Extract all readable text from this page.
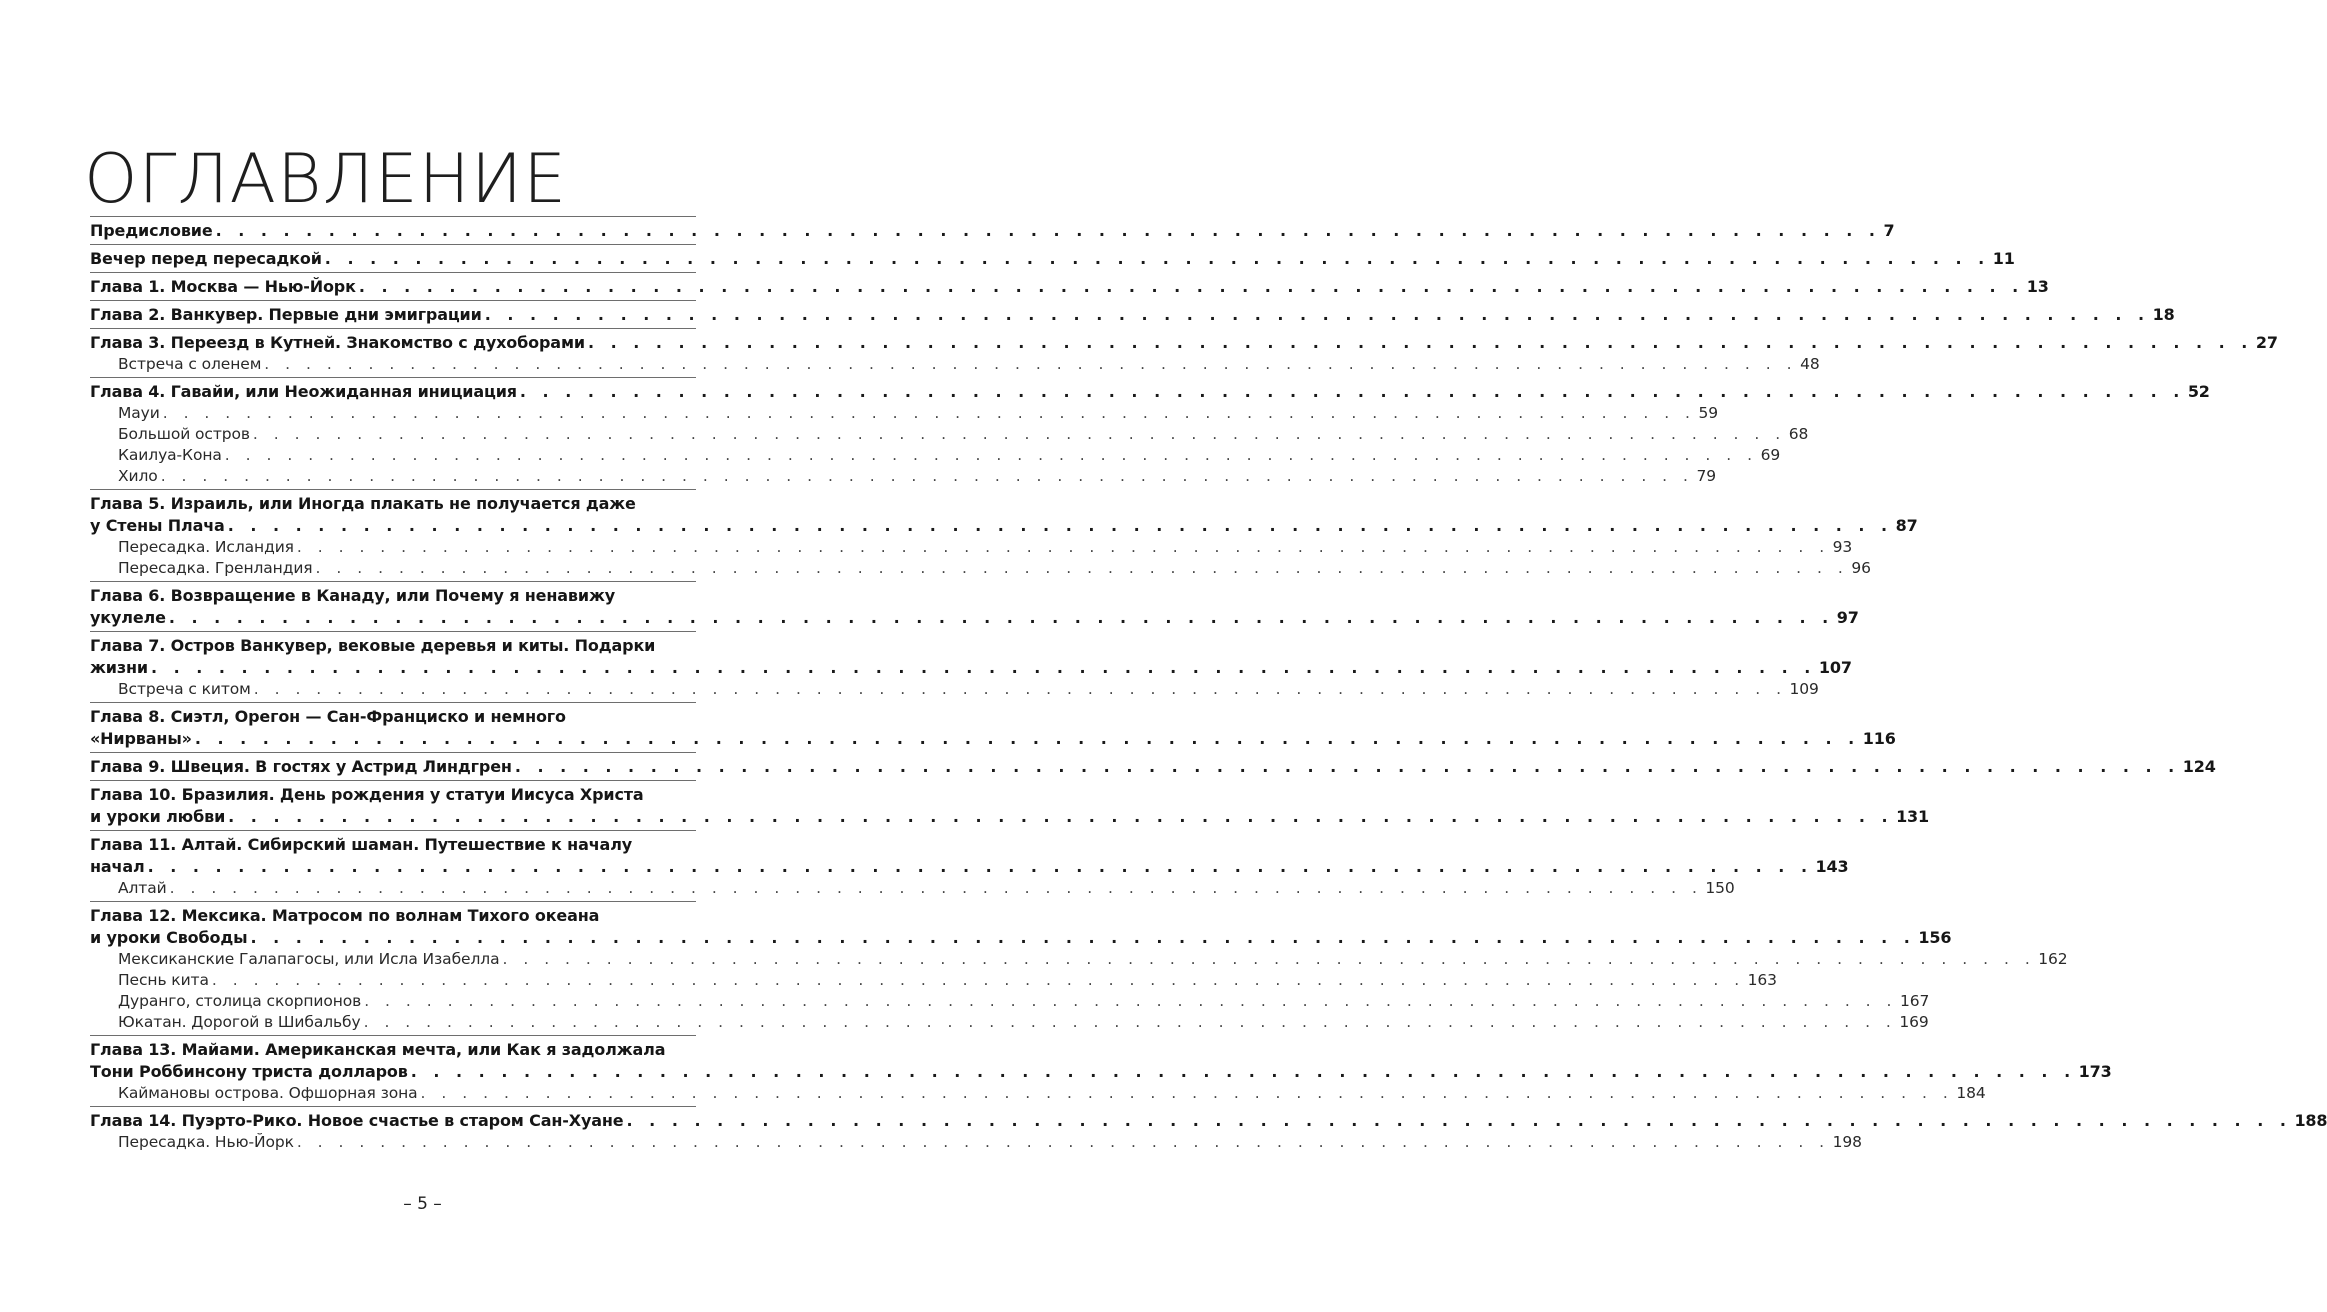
ОГЛАВЛЕНИЕ
Предисловие . . . . . . . . . . . . . . . . . . . . . . . . . . . . . . . . . . . . . . . . . . . . . . . . . . . . . . . . . . . . . . . . . . . . . . . . . . 7
Вечер перед пересадкой . . . . . . . . . . . . . . . . . . . . . . . . . . . . . . . . . . . . . . . . . . . . . . . . . . . . . . . . . . . . . . . . . . . . . . . . . . 11
Глава 1. Москва — Нью-Йорк . . . . . . . . . . . . . . . . . . . . . . . . . . . . . . . . . . . . . . . . . . . . . . . . . . . . . . . . . . . . . . . . . . . . . . . . . . 13
Глава 2. Ванкувер. Первые дни эмиграции . . . . . . . . . . . . . . . . . . . . . . . . . . . . . . . . . . . . . . . . . . . . . . . . . . . . . . . . . . . . . . . . . . . . . . . . . . 18
Глава 3. Переезд в Кутней. Знакомство с духоборами . . . . . . . . . . . . . . . . . . . . . . . . . . . . . . . . . . . . . . . . . . . . . . . . . . . . . . . . . . . . . . . . . . . . . . . . . . 27
Встреча с оленем . . . . . . . . . . . . . . . . . . . . . . . . . . . . . . . . . . . . . . . . . . . . . . . . . . . . . . . . . . . . . . . . . . . . . . . . . . 48
Глава 4. Гавайи, или Неожиданная инициация . . . . . . . . . . . . . . . . . . . . . . . . . . . . . . . . . . . . . . . . . . . . . . . . . . . . . . . . . . . . . . . . . . . . . . . . . . 52
Мауи . . . . . . . . . . . . . . . . . . . . . . . . . . . . . . . . . . . . . . . . . . . . . . . . . . . . . . . . . . . . . . . . . . . . . . . . . . 59
Большой остров . . . . . . . . . . . . . . . . . . . . . . . . . . . . . . . . . . . . . . . . . . . . . . . . . . . . . . . . . . . . . . . . . . . . . . . . . . 68
Каилуа-Кона . . . . . . . . . . . . . . . . . . . . . . . . . . . . . . . . . . . . . . . . . . . . . . . . . . . . . . . . . . . . . . . . . . . . . . . . . . 69
Хило . . . . . . . . . . . . . . . . . . . . . . . . . . . . . . . . . . . . . . . . . . . . . . . . . . . . . . . . . . . . . . . . . . . . . . . . . . 79
Глава 5. Израиль, или Иногда плакать не получается даже
у Стены Плача . . . . . . . . . . . . . . . . . . . . . . . . . . . . . . . . . . . . . . . . . . . . . . . . . . . . . . . . . . . . . . . . . . . . . . . . . . 87
Пересадка. Исландия . . . . . . . . . . . . . . . . . . . . . . . . . . . . . . . . . . . . . . . . . . . . . . . . . . . . . . . . . . . . . . . . . . . . . . . . . . 93
Пересадка. Гренландия . . . . . . . . . . . . . . . . . . . . . . . . . . . . . . . . . . . . . . . . . . . . . . . . . . . . . . . . . . . . . . . . . . . . . . . . . . 96
Глава 6. Возвращение в Канаду, или Почему я ненавижу
укулеле . . . . . . . . . . . . . . . . . . . . . . . . . . . . . . . . . . . . . . . . . . . . . . . . . . . . . . . . . . . . . . . . . . . . . . . . . . 97
Глава 7. Остров Ванкувер, вековые деревья и киты. Подарки
жизни . . . . . . . . . . . . . . . . . . . . . . . . . . . . . . . . . . . . . . . . . . . . . . . . . . . . . . . . . . . . . . . . . . . . . . . . . . 107
Встреча с китом . . . . . . . . . . . . . . . . . . . . . . . . . . . . . . . . . . . . . . . . . . . . . . . . . . . . . . . . . . . . . . . . . . . . . . . . . . 109
Глава 8. Сиэтл, Орегон — Сан-Франциско и немного
«Нирваны» . . . . . . . . . . . . . . . . . . . . . . . . . . . . . . . . . . . . . . . . . . . . . . . . . . . . . . . . . . . . . . . . . . . . . . . . . . 116
Глава 9. Швеция. В гостях у Астрид Линдгрен . . . . . . . . . . . . . . . . . . . . . . . . . . . . . . . . . . . . . . . . . . . . . . . . . . . . . . . . . . . . . . . . . . . . . . . . . . 124
Глава 10. Бразилия. День рождения у статуи Иисуса Христа
и уроки любви . . . . . . . . . . . . . . . . . . . . . . . . . . . . . . . . . . . . . . . . . . . . . . . . . . . . . . . . . . . . . . . . . . . . . . . . . . 131
Глава 11. Алтай. Сибирский шаман. Путешествие к началу
начал . . . . . . . . . . . . . . . . . . . . . . . . . . . . . . . . . . . . . . . . . . . . . . . . . . . . . . . . . . . . . . . . . . . . . . . . . . 143
Алтай . . . . . . . . . . . . . . . . . . . . . . . . . . . . . . . . . . . . . . . . . . . . . . . . . . . . . . . . . . . . . . . . . . . . . . . . . . 150
Глава 12. Мексика. Матросом по волнам Тихого океана
и уроки Свободы . . . . . . . . . . . . . . . . . . . . . . . . . . . . . . . . . . . . . . . . . . . . . . . . . . . . . . . . . . . . . . . . . . . . . . . . . . 156
Мексиканские Галапагосы, или Исла Изабелла . . . . . . . . . . . . . . . . . . . . . . . . . . . . . . . . . . . . . . . . . . . . . . . . . . . . . . . . . . . . . . . . . . . . . . . . . . 162
Песнь кита . . . . . . . . . . . . . . . . . . . . . . . . . . . . . . . . . . . . . . . . . . . . . . . . . . . . . . . . . . . . . . . . . . . . . . . . . . 163
Дуранго, столица скорпионов . . . . . . . . . . . . . . . . . . . . . . . . . . . . . . . . . . . . . . . . . . . . . . . . . . . . . . . . . . . . . . . . . . . . . . . . . . 167
Юкатан. Дорогой в Шибальбу . . . . . . . . . . . . . . . . . . . . . . . . . . . . . . . . . . . . . . . . . . . . . . . . . . . . . . . . . . . . . . . . . . . . . . . . . . 169
Глава 13. Майами. Американская мечта, или Как я задолжала
Тони Роббинсону триста долларов . . . . . . . . . . . . . . . . . . . . . . . . . . . . . . . . . . . . . . . . . . . . . . . . . . . . . . . . . . . . . . . . . . . . . . . . . . 173
Каймановы острова. Офшорная зона . . . . . . . . . . . . . . . . . . . . . . . . . . . . . . . . . . . . . . . . . . . . . . . . . . . . . . . . . . . . . . . . . . . . . . . . . . 184
Глава 14. Пуэрто-Рико. Новое счастье в старом Сан-Хуане . . . . . . . . . . . . . . . . . . . . . . . . . . . . . . . . . . . . . . . . . . . . . . . . . . . . . . . . . . . . . . . . . . . . . . . . . . 188
Пересадка. Нью-Йорк . . . . . . . . . . . . . . . . . . . . . . . . . . . . . . . . . . . . . . . . . . . . . . . . . . . . . . . . . . . . . . . . . . . . . . . . . . 198
– 5 –
